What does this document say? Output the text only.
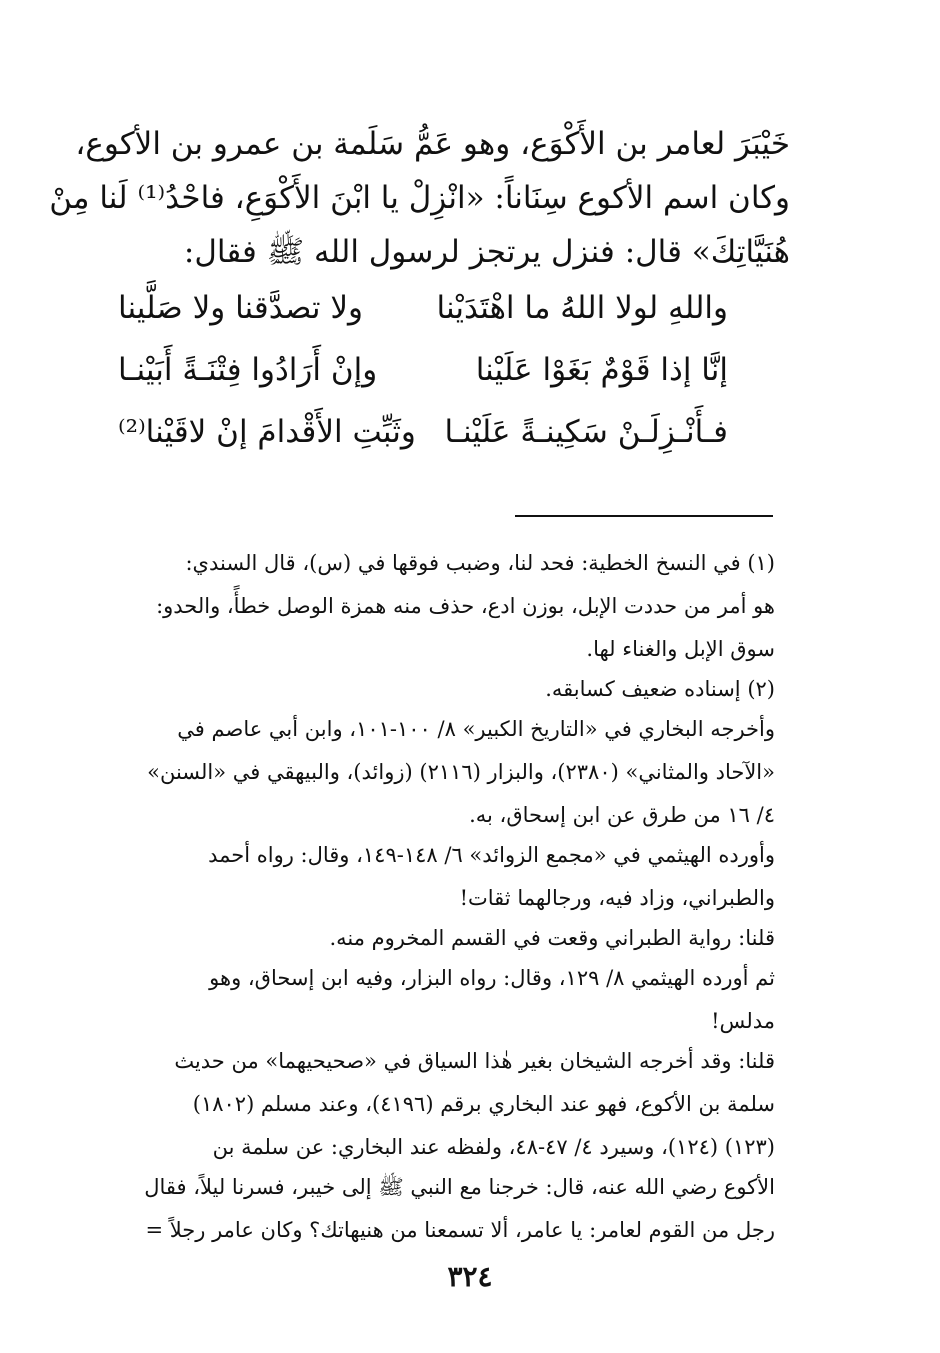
خَيْبَرَ لعامر بن الأَكْوَع، وهو عَمُّ سَلَمة بن عمرو بن الأكوع،
وكان اسم الأكوع سِنَاناً: «انْزِلْ يا ابْنَ الأَكْوَعِ، فاحْدُ⁽¹⁾ لَنا مِنْ
هُنَيَّاتِكَ» قال: فنزل يرتجز لرسول الله ﷺ فقال:
واللهِ لولا اللهُ ما اهْتَدَيْنا
ولا تصدَّقنا ولا صَلَّينا
إنَّا إذا قَوْمٌ بَغَوْا عَلَيْنا
وإنْ أَرَادُوا فِتْنَـةً أَبَيْنـا
فـأَنْـزِلَـنْ سَكِينـةً عَلَيْنـا
وثَبِّتِ الأَقْدامَ إنْ لاقَيْنا⁽²⁾
(١) في النسخ الخطية: فحد لنا، وضبب فوقها في (س)، قال السندي:
هو أمر من حددت الإبل، بوزن ادع، حذف منه همزة الوصل خطأً، والحدو:
سوق الإبل والغناء لها.
(٢) إسناده ضعيف كسابقه.
وأخرجه البخاري في «التاريخ الكبير» ٨/ ١٠٠-١٠١، وابن أبي عاصم في
«الآحاد والمثاني» (٢٣٨٠)، والبزار (٢١١٦) (زوائد)، والبيهقي في «السنن»
٤/ ١٦ من طرق عن ابن إسحاق، به.
وأورده الهيثمي في «مجمع الزوائد» ٦/ ١٤٨-١٤٩، وقال: رواه أحمد
والطبراني، وزاد فيه، ورجالهما ثقات!
قلنا: رواية الطبراني وقعت في القسم المخروم منه.
ثم أورده الهيثمي ٨/ ١٢٩، وقال: رواه البزار، وفيه ابن إسحاق، وهو
مدلس!
قلنا: وقد أخرجه الشيخان بغير هٰذا السياق في «صحيحيهما» من حديث
سلمة بن الأكوع، فهو عند البخاري برقم (٤١٩٦)، وعند مسلم (١٨٠٢)
(١٢٣) (١٢٤)، وسيرد ٤/ ٤٧-٤٨، ولفظه عند البخاري: عن سلمة بن
الأكوع رضي الله عنه، قال: خرجنا مع النبي ﷺ إلى خيبر، فسرنا ليلاً، فقال
رجل من القوم لعامر: يا عامر، ألا تسمعنا من هنيهاتك؟ وكان عامر رجلاً =
٣٢٤
